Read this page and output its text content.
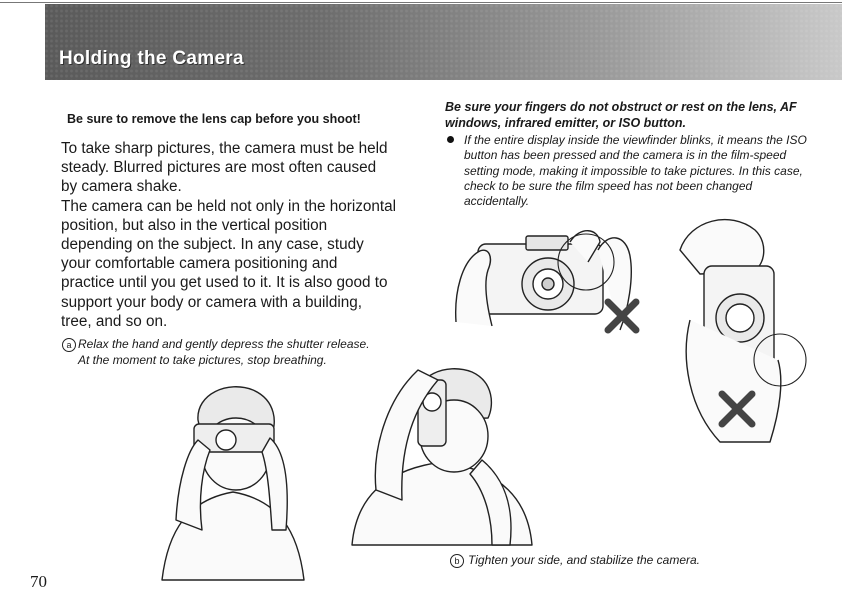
Holding the Camera

Be sure to remove the lens cap before you shoot!

To take sharp pictures, the camera must be held
steady. Blurred pictures are most often caused
by camera shake.
The camera can be held not only in the horizontal
position, but also in the vertical position
depending on the subject. In any case, study
your comfortable camera positioning and
practice until you get used to it. It is also good to
support your body or camera with a building,
tree, and so on.

a Relax the hand and gently depress the shutter release.
At the moment to take pictures, stop breathing.

Be sure your fingers do not obstruct or rest on the lens, AF windows, infrared emitter, or ISO button.

If the entire display inside the viewfinder blinks, it means the ISO button has been pressed and the camera is in the film-speed setting mode, making it impossible to take pictures. In this case, check to be sure the film speed has not been changed accidentally.

b Tighten your side, and stabilize the camera.
70
